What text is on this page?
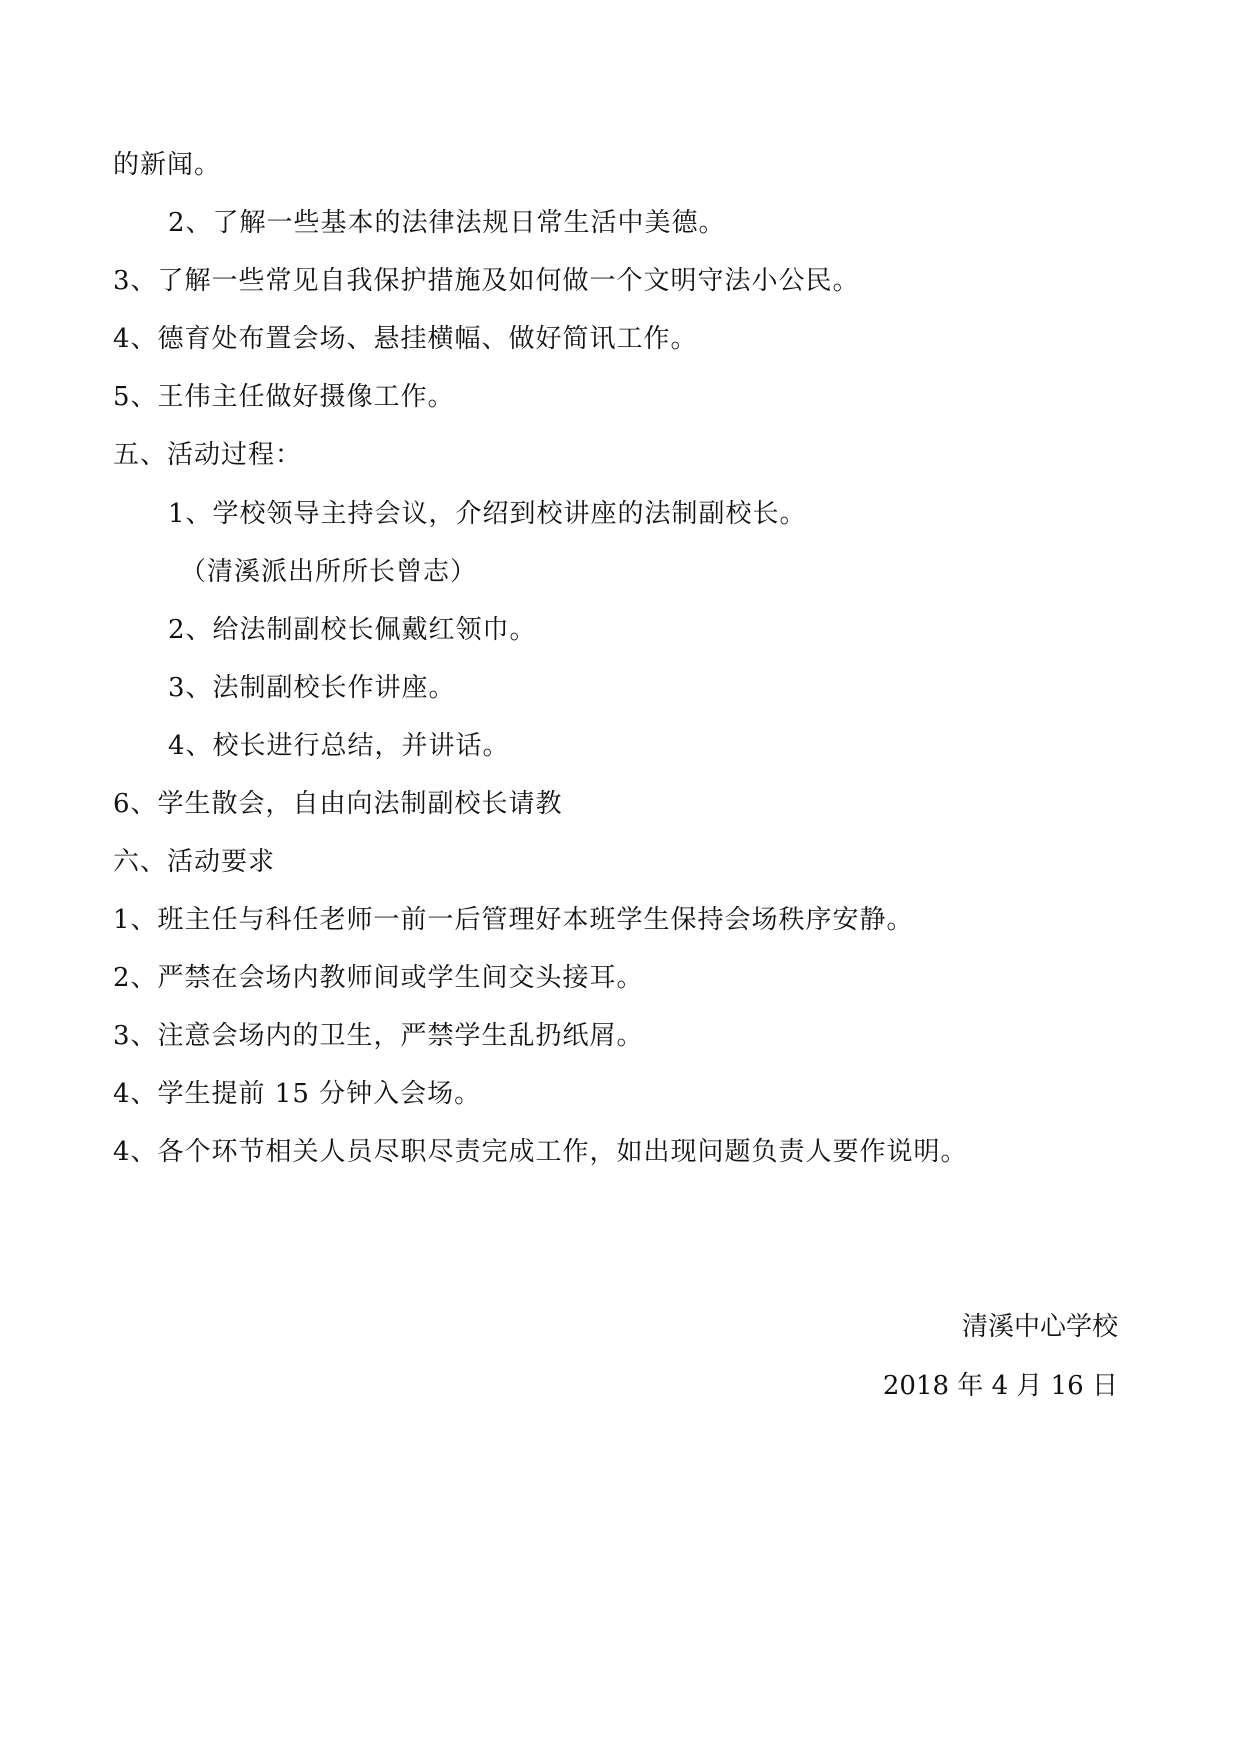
的新闻。
2、了解一些基本的法律法规日常生活中美德。
3、了解一些常见自我保护措施及如何做一个文明守法小公民。
4、德育处布置会场、悬挂横幅、做好简讯工作。
5、王伟主任做好摄像工作。
五、活动过程：
1、学校领导主持会议，介绍到校讲座的法制副校长。
（清溪派出所所长曾志）
2、给法制副校长佩戴红领巾。
3、法制副校长作讲座。
4、校长进行总结，并讲话。
6、学生散会，自由向法制副校长请教
六、活动要求
1、班主任与科任老师一前一后管理好本班学生保持会场秩序安静。
2、严禁在会场内教师间或学生间交头接耳。
3、注意会场内的卫生，严禁学生乱扔纸屑。
4、学生提前 15 分钟入会场。
4、各个环节相关人员尽职尽责完成工作，如出现问题负责人要作说明。
清溪中心学校
2018 年 4 月 16 日
